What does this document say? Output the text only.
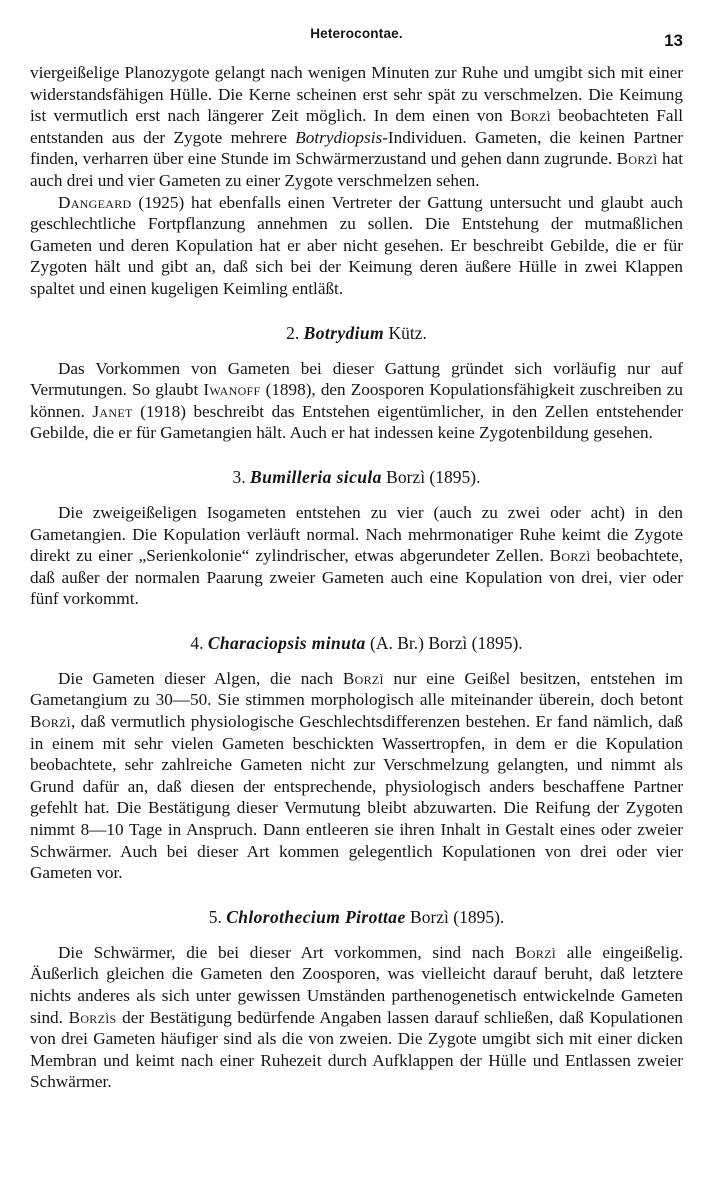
Heterocontae.	13

viergeißelige Planozygote gelangt nach wenigen Minuten zur Ruhe und umgibt sich mit einer widerstandsfähigen Hülle. Die Kerne scheinen erst sehr spät zu verschmelzen. Die Keimung ist vermutlich erst nach längerer Zeit möglich. In dem einen von Borzì beobachteten Fall entstanden aus der Zygote mehrere Botrydiopsis-Individuen. Gameten, die keinen Partner finden, verharren über eine Stunde im Schwärmerzustand und gehen dann zugrunde. Borzì hat auch drei und vier Gameten zu einer Zygote verschmelzen sehen.

Dangeard (1925) hat ebenfalls einen Vertreter der Gattung untersucht und glaubt auch geschlechtliche Fortpflanzung annehmen zu sollen. Die Entstehung der mutmaßlichen Gameten und deren Kopulation hat er aber nicht gesehen. Er beschreibt Gebilde, die er für Zygoten hält und gibt an, daß sich bei der Keimung deren äußere Hülle in zwei Klappen spaltet und einen kugeligen Keimling entläßt.

2. Botrydium Kütz.

Das Vorkommen von Gameten bei dieser Gattung gründet sich vorläufig nur auf Vermutungen. So glaubt Iwanoff (1898), den Zoosporen Kopulationsfähigkeit zuschreiben zu können. Janet (1918) beschreibt das Entstehen eigentümlicher, in den Zellen entstehender Gebilde, die er für Gametangien hält. Auch er hat indessen keine Zygotenbildung gesehen.

3. Bumilleria sicula Borzì (1895).

Die zweigeißeligen Isogameten entstehen zu vier (auch zu zwei oder acht) in den Gametangien. Die Kopulation verläuft normal. Nach mehrmonatiger Ruhe keimt die Zygote direkt zu einer „Serienkolonie“ zylindrischer, etwas abgerundeter Zellen. Borzì beobachtete, daß außer der normalen Paarung zweier Gameten auch eine Kopulation von drei, vier oder fünf vorkommt.

4. Characiopsis minuta (A. Br.) Borzì (1895).

Die Gameten dieser Algen, die nach Borzì nur eine Geißel besitzen, entstehen im Gametangium zu 30—50. Sie stimmen morphologisch alle miteinander überein, doch betont Borzì, daß vermutlich physiologische Geschlechtsdifferenzen bestehen. Er fand nämlich, daß in einem mit sehr vielen Gameten beschickten Wassertropfen, in dem er die Kopulation beobachtete, sehr zahlreiche Gameten nicht zur Verschmelzung gelangten, und nimmt als Grund dafür an, daß diesen der entsprechende, physiologisch anders beschaffene Partner gefehlt hat. Die Bestätigung dieser Vermutung bleibt abzuwarten. Die Reifung der Zygoten nimmt 8—10 Tage in Anspruch. Dann entleeren sie ihren Inhalt in Gestalt eines oder zweier Schwärmer. Auch bei dieser Art kommen gelegentlich Kopulationen von drei oder vier Gameten vor.

5. Chlorothecium Pirottae Borzì (1895).

Die Schwärmer, die bei dieser Art vorkommen, sind nach Borzì alle eingeißelig. Äußerlich gleichen die Gameten den Zoosporen, was vielleicht darauf beruht, daß letztere nichts anderes als sich unter gewissen Umständen parthenogenetisch entwickelnde Gameten sind. Borzìs der Bestätigung bedürfende Angaben lassen darauf schließen, daß Kopulationen von drei Gameten häufiger sind als die von zweien. Die Zygote umgibt sich mit einer dicken Membran und keimt nach einer Ruhezeit durch Aufklappen der Hülle und Entlassen zweier Schwärmer.
